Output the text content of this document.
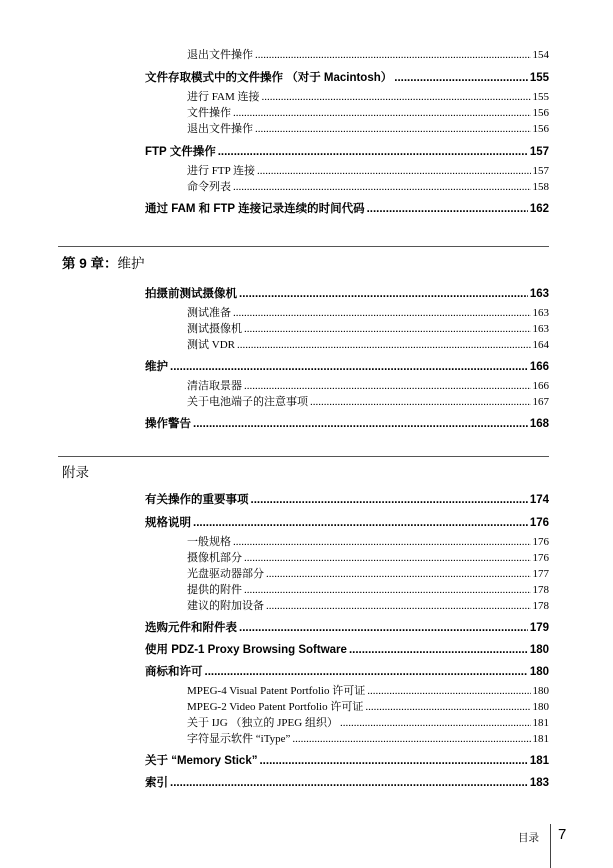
退出文件操作 .....	154
文件存取模式中的文件操作 （对于 Macintosh） .....	155
进行 FAM 连接 .....	155
文件操作 .....	156
退出文件操作 .....	156
FTP 文件操作 .....	157
进行 FTP 连接 .....	157
命令列表 .....	158
通过 FAM 和 FTP 连接记录连续的时间代码 .....	162
第 9 章：维护
拍摄前测试摄像机 .....	163
测试准备 .....	163
测试摄像机 .....	163
测试 VDR .....	164
维护 .....	166
清洁取景器 .....	166
关于电池端子的注意事项 .....	167
操作警告 .....	168
附录
有关操作的重要事项 .....	174
规格说明 .....	176
一般规格 .....	176
摄像机部分 .....	176
光盘驱动器部分 .....	177
提供的附件 .....	178
建议的附加设备 .....	178
选购元件和附件表 .....	179
使用 PDZ-1 Proxy Browsing Software .....	180
商标和许可 .....	180
MPEG-4 Visual Patent Portfolio 许可证 .....	180
MPEG-2 Video Patent Portfolio 许可证 .....	180
关于 IJG （独立的 JPEG 组织） .....	181
字符显示软件 “iType” .....	181
关于 “Memory Stick” .....	181
索引 .....	183
目录 7
